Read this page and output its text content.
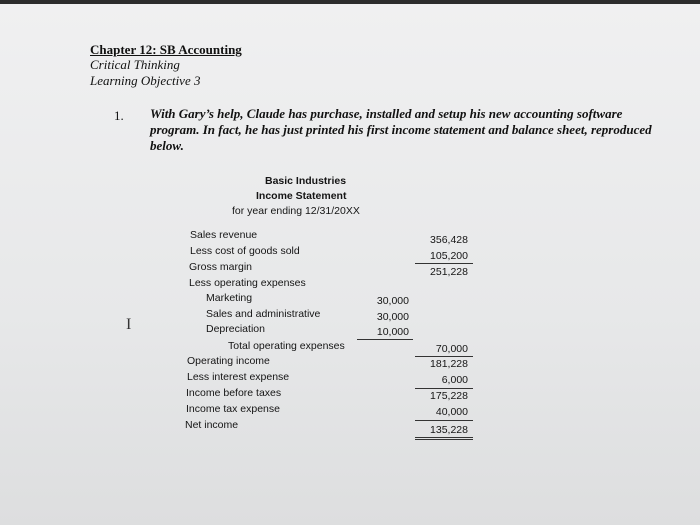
Chapter 12: SB Accounting
Critical Thinking
Learning Objective 3
1. With Gary’s help, Claude has purchase, installed and setup his new accounting software program. In fact, he has just printed his first income statement and balance sheet, reproduced below.
Basic Industries
Income Statement
for year ending 12/31/20XX
Sales revenue	356,428
Less cost of goods sold	105,200
Gross margin	251,228
Less operating expenses
Marketing	30,000
Sales and administrative	30,000
Depreciation	10,000
Total operating expenses	70,000
Operating income	181,228
Less interest expense	6,000
Income before taxes	175,228
Income tax expense	40,000
Net income	135,228
I
